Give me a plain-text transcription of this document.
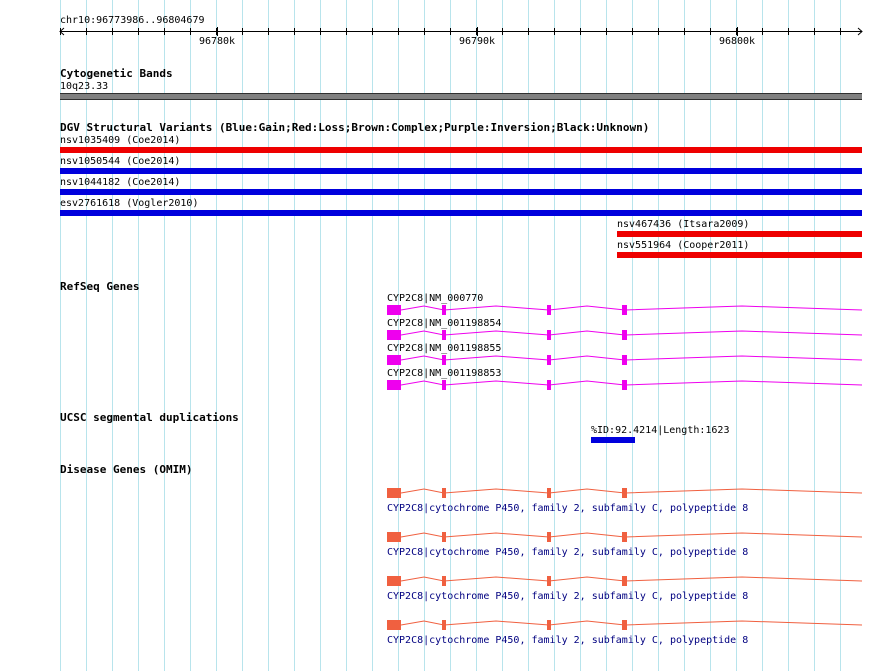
chr10:96773986..96804679
96780k	96790k	96800k
Cytogenetic Bands
10q23.33
DGV Structural Variants (Blue:Gain;Red:Loss;Brown:Complex;Purple:Inversion;Black:Unknown)
nsv1035409 (Coe2014)
nsv1050544 (Coe2014)
nsv1044182 (Coe2014)
esv2761618 (Vogler2010)
nsv467436 (Itsara2009)
nsv551964 (Cooper2011)
RefSeq Genes
CYP2C8|NM_000770
CYP2C8|NM_001198854
CYP2C8|NM_001198855
CYP2C8|NM_001198853
UCSC segmental duplications
%ID:92.4214|Length:1623
Disease Genes (OMIM)
CYP2C8|cytochrome P450, family 2, subfamily C, polypeptide 8
CYP2C8|cytochrome P450, family 2, subfamily C, polypeptide 8
CYP2C8|cytochrome P450, family 2, subfamily C, polypeptide 8
CYP2C8|cytochrome P450, family 2, subfamily C, polypeptide 8
